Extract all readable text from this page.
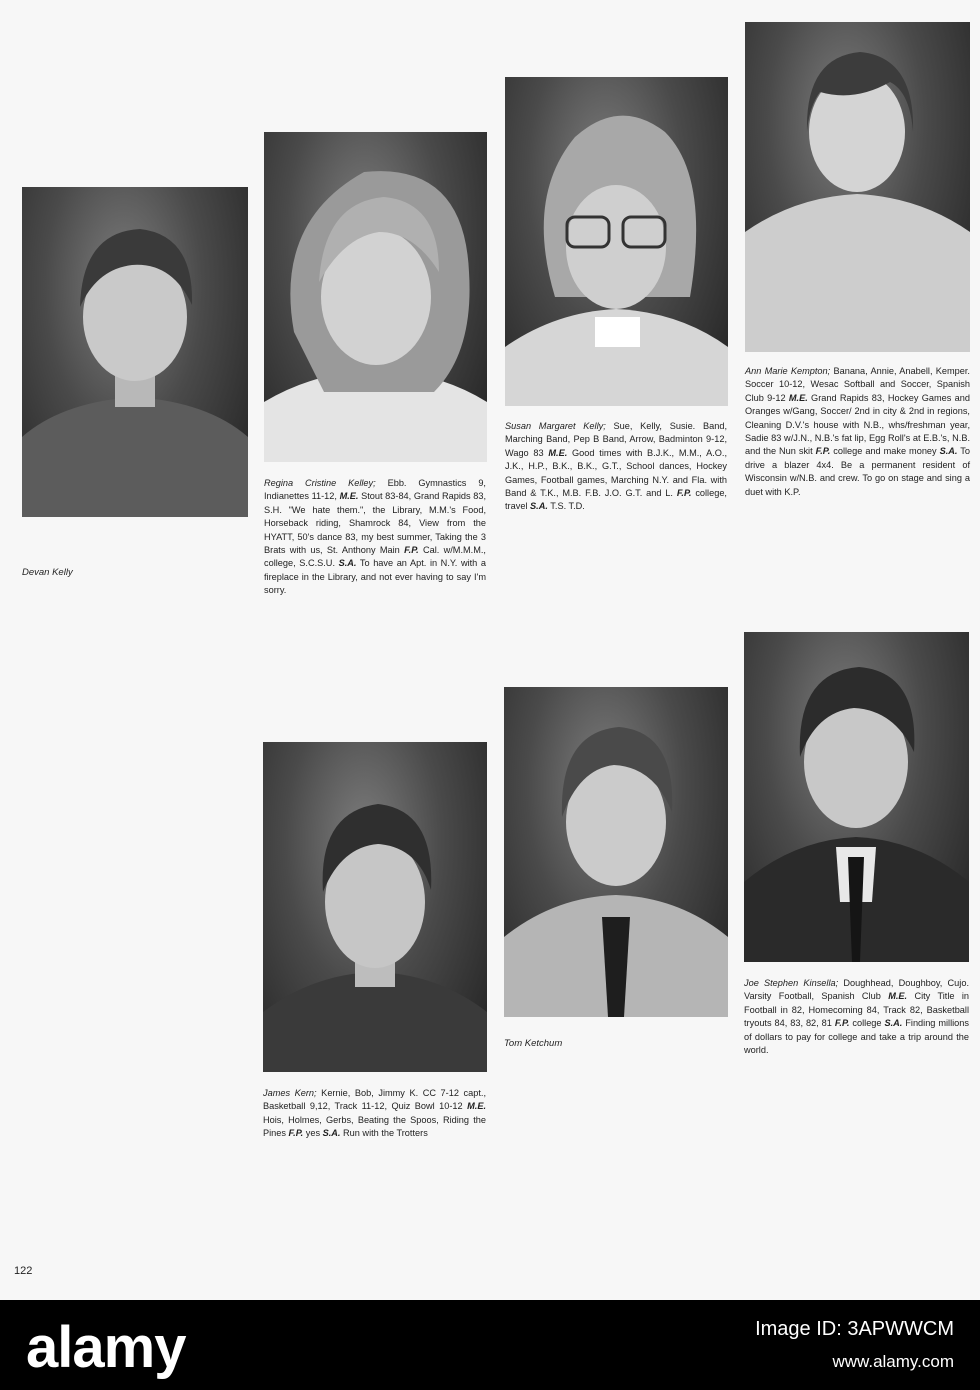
Devan Kelly

Regina Cristine Kelley; Ebb. Gymnastics 9, Indianettes 11-12, M.E. Stout 83-84, Grand Rapids 83, S.H. "We hate them.", the Library, M.M.'s Food, Horseback riding, Shamrock 84, View from the HYATT, 50's dance 83, my best summer, Taking the 3 Brats with us, St. Anthony Main F.P. Cal. w/M.M.M., college, S.C.S.U. S.A. To have an Apt. in N.Y. with a fireplace in the Library, and not ever having to say I'm sorry.

Susan Margaret Kelly; Sue, Kelly, Susie. Band, Marching Band, Pep B Band, Arrow, Badminton 9-12, Wago 83 M.E. Good times with B.J.K., M.M., A.O., J.K., H.P., B.K., B.K., G.T., School dances, Hockey Games, Football games, Marching N.Y. and Fla. with Band & T.K., M.B. F.B. J.O. G.T. and L. F.P. college, travel S.A. T.S. T.D.

Ann Marie Kempton; Banana, Annie, Anabell, Kemper. Soccer 10-12, Wesac Softball and Soccer, Spanish Club 9-12 M.E. Grand Rapids 83, Hockey Games and Oranges w/Gang, Soccer/ 2nd in city & 2nd in regions, Cleaning D.V.'s house with N.B., whs/freshman year, Sadie 83 w/J.N., N.B.'s fat lip, Egg Roll's at E.B.'s, N.B. and the Nun skit F.P. college and make money S.A. To drive a blazer 4x4. Be a permanent resident of Wisconsin w/N.B. and crew. To go on stage and sing a duet with K.P.

James Kern; Kernie, Bob, Jimmy K. CC 7-12 capt., Basketball 9,12, Track 11-12, Quiz Bowl 10-12 M.E. Hois, Holmes, Gerbs, Beating the Spoos, Riding the Pines F.P. yes S.A. Run with the Trotters

Tom Ketchum

Joe Stephen Kinsella; Doughhead, Doughboy, Cujo. Varsity Football, Spanish Club M.E. City Title in Football in 82, Homecoming 84, Track 82, Basketball tryouts 84, 83, 82, 81 F.P. college S.A. Finding millions of dollars to pay for college and take a trip around the world.

122
alamy	Image ID: 3APWWCM
www.alamy.com
